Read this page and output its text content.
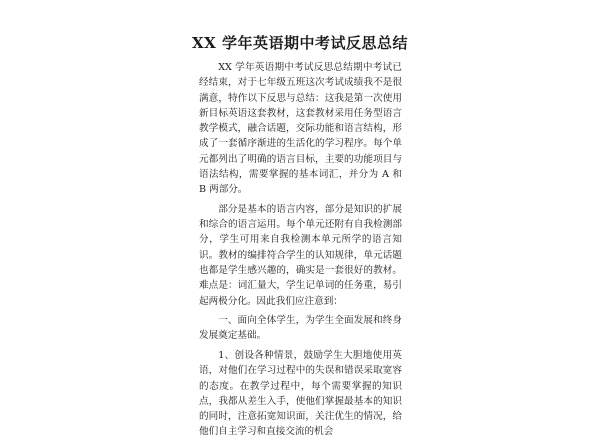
XX 学年英语期中考试反思总结

XX 学年英语期中考试反思总结期中考试已经结束，对于七年级五班这次考试成绩我不是很满意，特作以下反思与总结：这我是第一次使用新目标英语这套教材，这套教材采用任务型语言教学模式，融合话题，交际功能和语言结构，形成了一套循序渐进的生活化的学习程序。每个单元都列出了明确的语言目标，主要的功能项目与语法结构，需要掌握的基本词汇，并分为 A 和 B 两部分。

部分是基本的语言内容，部分是知识的扩展和综合的语言运用。每个单元还附有自我检测部分，学生可用来自我检测本单元所学的语言知识。教材的编排符合学生的认知规律，单元话题也都是学生感兴趣的，确实是一套很好的教材。难点是：词汇量大，学生记单词的任务重，易引起两极分化。因此我们应注意到：

一、面向全体学生，为学生全面发展和终身发展奠定基础。

1、创设各种情景，鼓励学生大胆地使用英语，对他们在学习过程中的失误和错误采取宽容的态度。在教学过程中，每个需要掌握的知识点，我都从差生入手，使他们掌握最基本的知识的同时，注意拓宽知识面，关注优生的情况，给他们自主学习和直接交流的机会
